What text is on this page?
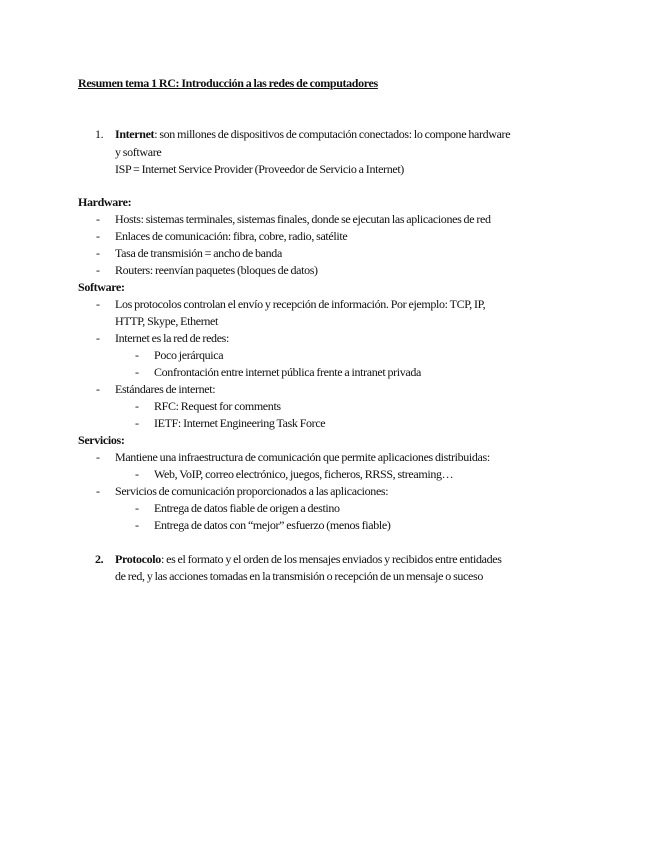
Resumen tema 1 RC: Introducción a las redes de computadores
1. Internet: son millones de dispositivos de computación conectados: lo compone hardware
y software
ISP = Internet Service Provider (Proveedor de Servicio a Internet)
Hardware:
- Hosts: sistemas terminales, sistemas finales, donde se ejecutan las aplicaciones de red
- Enlaces de comunicación: fibra, cobre, radio, satélite
- Tasa de transmisión = ancho de banda
- Routers: reenvían paquetes (bloques de datos)
Software:
- Los protocolos controlan el envío y recepción de información. Por ejemplo: TCP, IP,
HTTP, Skype, Ethernet
- Internet es la red de redes:
- Poco jerárquica
- Confrontación entre internet pública frente a intranet privada
- Estándares de internet:
- RFC: Request for comments
- IETF: Internet Engineering Task Force
Servicios:
- Mantiene una infraestructura de comunicación que permite aplicaciones distribuidas:
- Web, VoIP, correo electrónico, juegos, ficheros, RRSS, streaming…
- Servicios de comunicación proporcionados a las aplicaciones:
- Entrega de datos fiable de origen a destino
- Entrega de datos con “mejor” esfuerzo (menos fiable)
2. Protocolo: es el formato y el orden de los mensajes enviados y recibidos entre entidades
de red, y las acciones tomadas en la transmisión o recepción de un mensaje o suceso
